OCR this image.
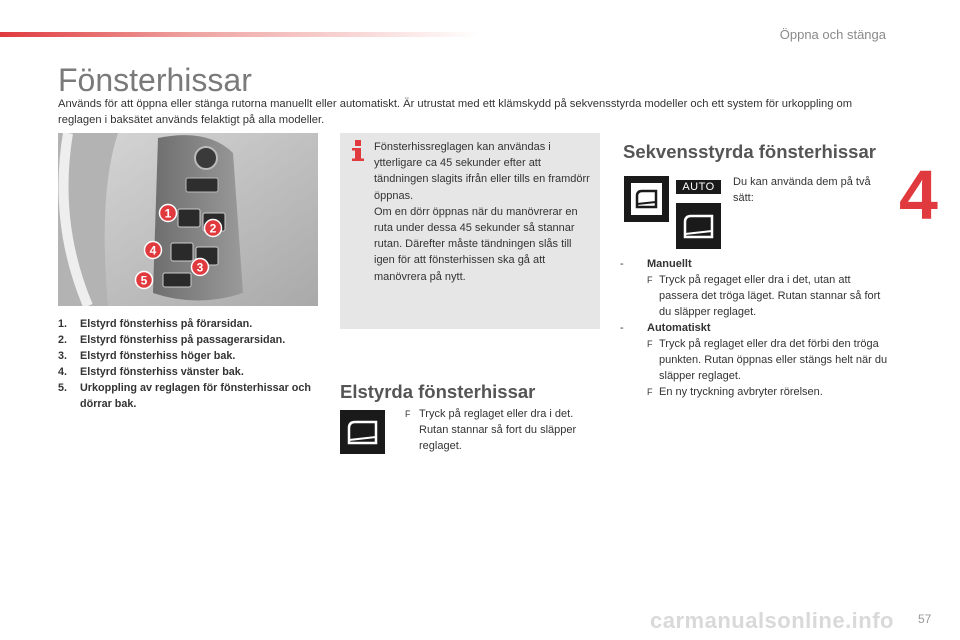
Öppna och stänga
4
Fönsterhissar
Används för att öppna eller stänga rutorna manuellt eller automatiskt. Är utrustat med ett klämskydd på sekvensstyrda modeller och ett system för urkoppling om reglagen i baksätet används felaktigt på alla modeller.
1
2
3
4
5
1.	Elstyrd fönsterhiss på förarsidan.
2.	Elstyrd fönsterhiss på passagerarsidan.
3.	Elstyrd fönsterhiss höger bak.
4.	Elstyrd fönsterhiss vänster bak.
5.	Urkoppling av reglagen för fönsterhissar och dörrar bak.
Fönsterhissreglagen kan användas i ytterligare ca 45 sekunder efter att tändningen slagits ifrån eller tills en framdörr öppnas.
Om en dörr öppnas när du manövrerar en ruta under dessa 45 sekunder så stannar rutan. Därefter måste tändningen slås till igen för att fönsterhissen ska gå att manövrera på nytt.
Elstyrda fönsterhissar
F Tryck på reglaget eller dra i det. Rutan stannar så fort du släpper reglaget.
Sekvensstyrda fönsterhissar
AUTO	Du kan använda dem på två sätt:
-	Manuellt
F Tryck på regaget eller dra i det, utan att passera det tröga läget. Rutan stannar så fort du släpper reglaget.
-	Automatiskt
F Tryck på reglaget eller dra det förbi den tröga punkten. Rutan öppnas eller stängs helt när du släpper reglaget.
F En ny tryckning avbryter rörelsen.
carmanualsonline.info 57
